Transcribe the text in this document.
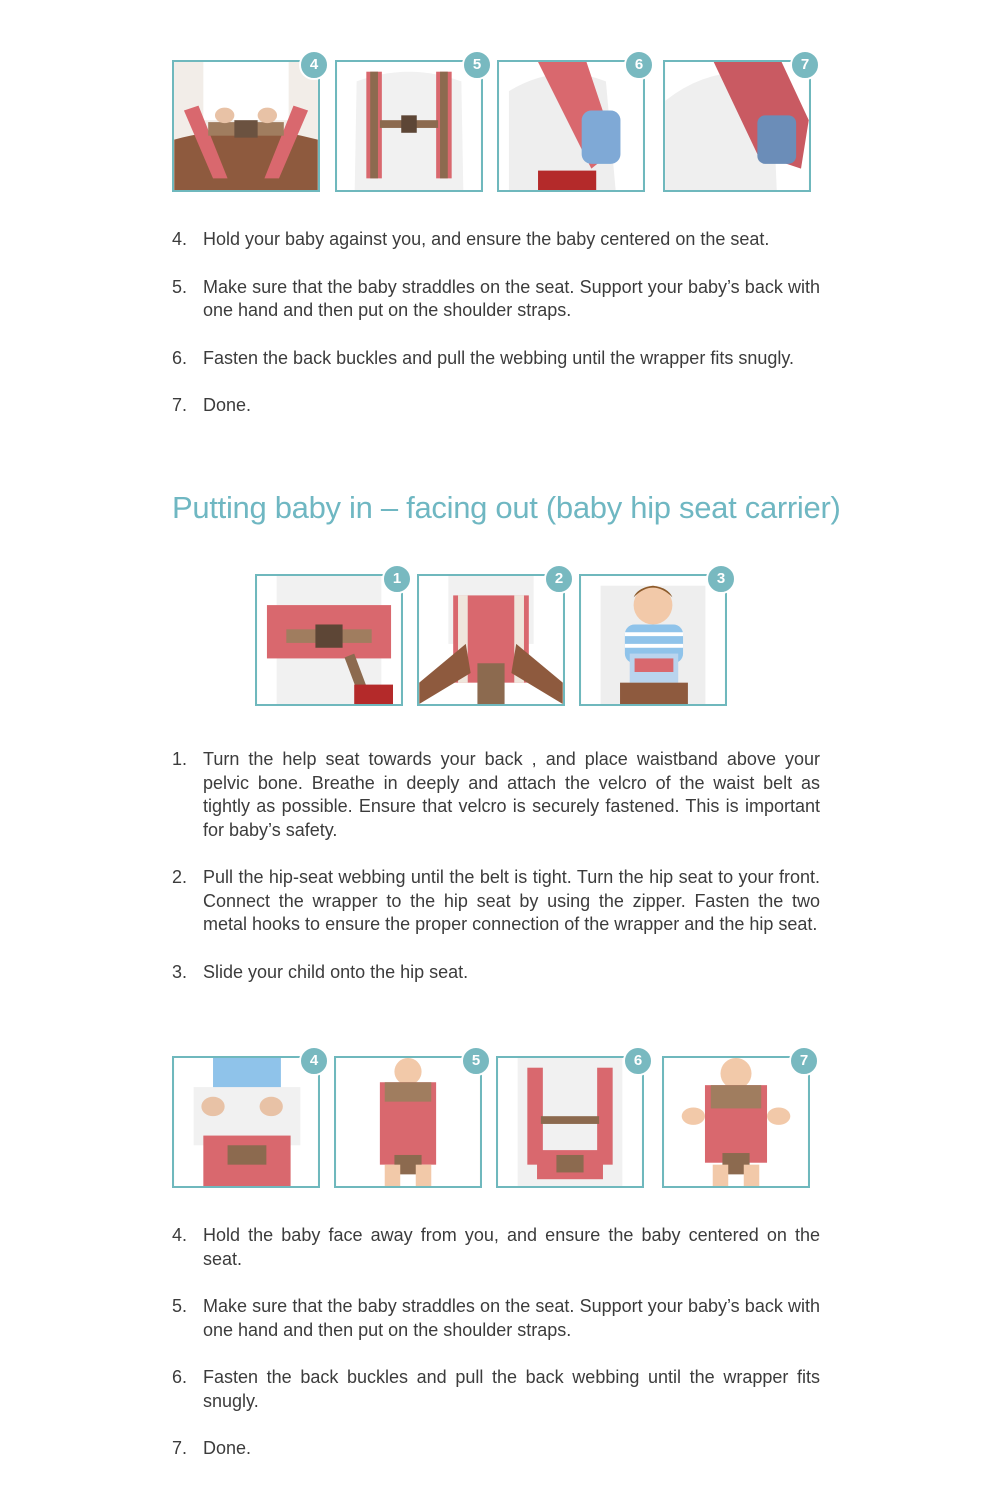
4	5	6	7
4. Hold your baby against you, and ensure the baby centered on the seat.
5. Make sure that the baby straddles on the seat. Support your baby’s back with one hand and then put on the shoulder straps.
6. Fasten the back buckles and pull the webbing until the wrapper fits snugly.
7. Done.
Putting baby in – facing out (baby hip seat carrier)
1	2	3
1. Turn the help seat towards your back , and place waistband above your pelvic bone. Breathe in deeply and attach the velcro of the waist belt as tightly as possible. Ensure that velcro is securely fastened. This is important for baby’s safety.
2. Pull the hip-seat webbing until the belt is tight. Turn the hip seat to your front. Connect the wrapper to the hip seat by using the zipper. Fasten the two metal hooks to ensure the proper connection of the wrapper and the hip seat.
3. Slide your child onto the hip seat.
4	5	6	7
4. Hold the baby face away from you, and ensure the baby centered on the seat.
5. Make sure that the baby straddles on the seat. Support your baby’s back with one hand and then put on the shoulder straps.
6. Fasten the back buckles and pull the back webbing until the wrapper fits snugly.
7. Done.
